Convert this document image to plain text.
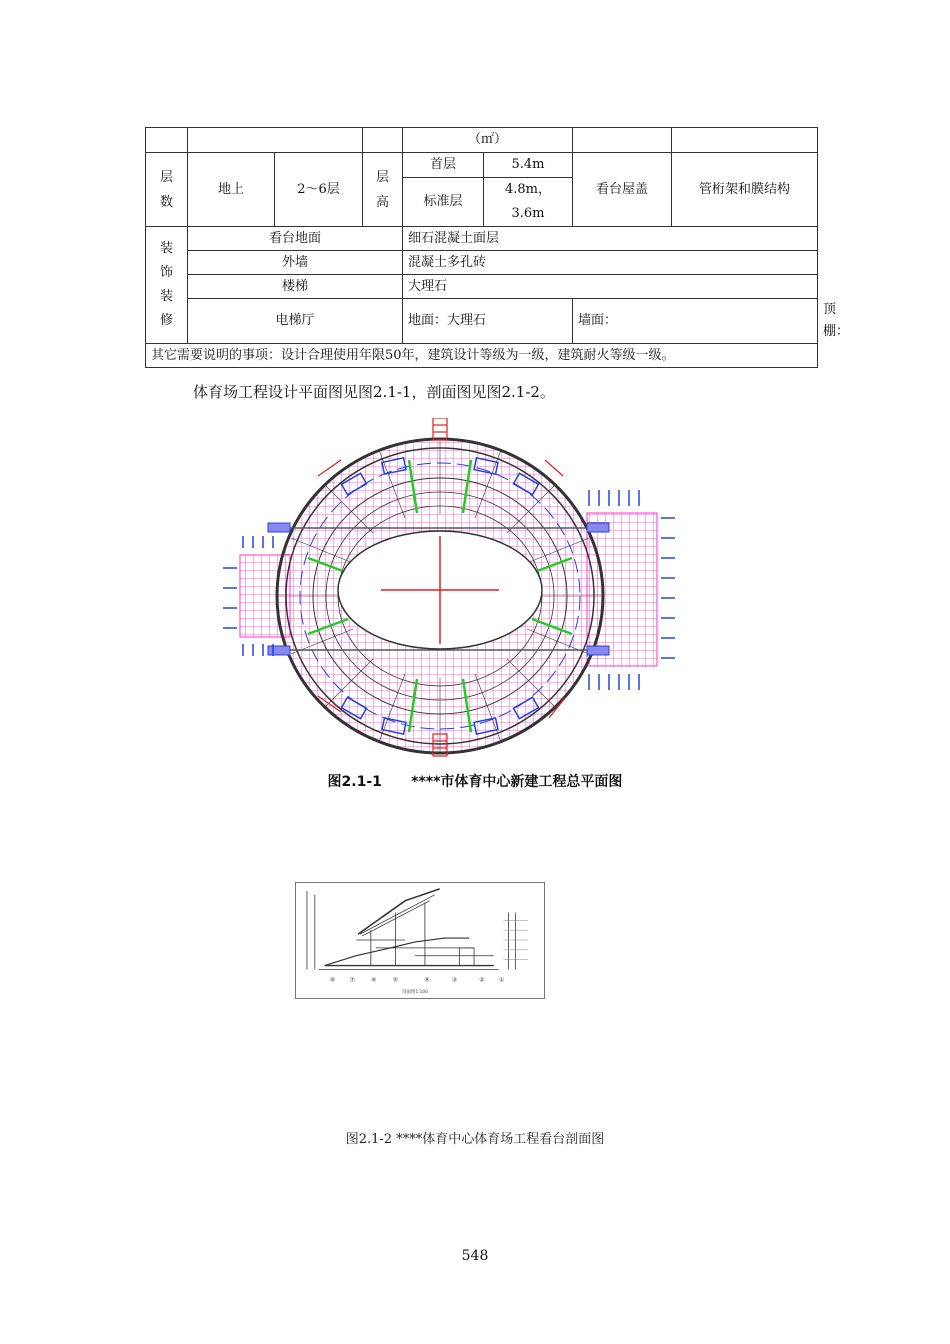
				（㎡）				
层数	地上	2～6层	层高	首层	5.4m	看台屋盖	管桁架和膜结构	
				标准层	4.8m，3.6m			
装饰装修	看台地面			细石混凝土面层				
	外墙			混凝土多孔砖				
	楼梯			大理石				
	电梯厅			地面：大理石		墙面：		顶棚：
其它需要说明的事项：设计合理使用年限50年，建筑设计等级为一级，建筑耐火等级一级。								
体育场工程设计平面图见图2.1-1，剖面图见图2.1-2。
图2.1-1      ****市体育中心新建工程总平面图
⑧ ⑦	⑥	⑤	④	③	② ①
剖面图1:100
图2.1-2 ****体育中心体育场工程看台剖面图
548
